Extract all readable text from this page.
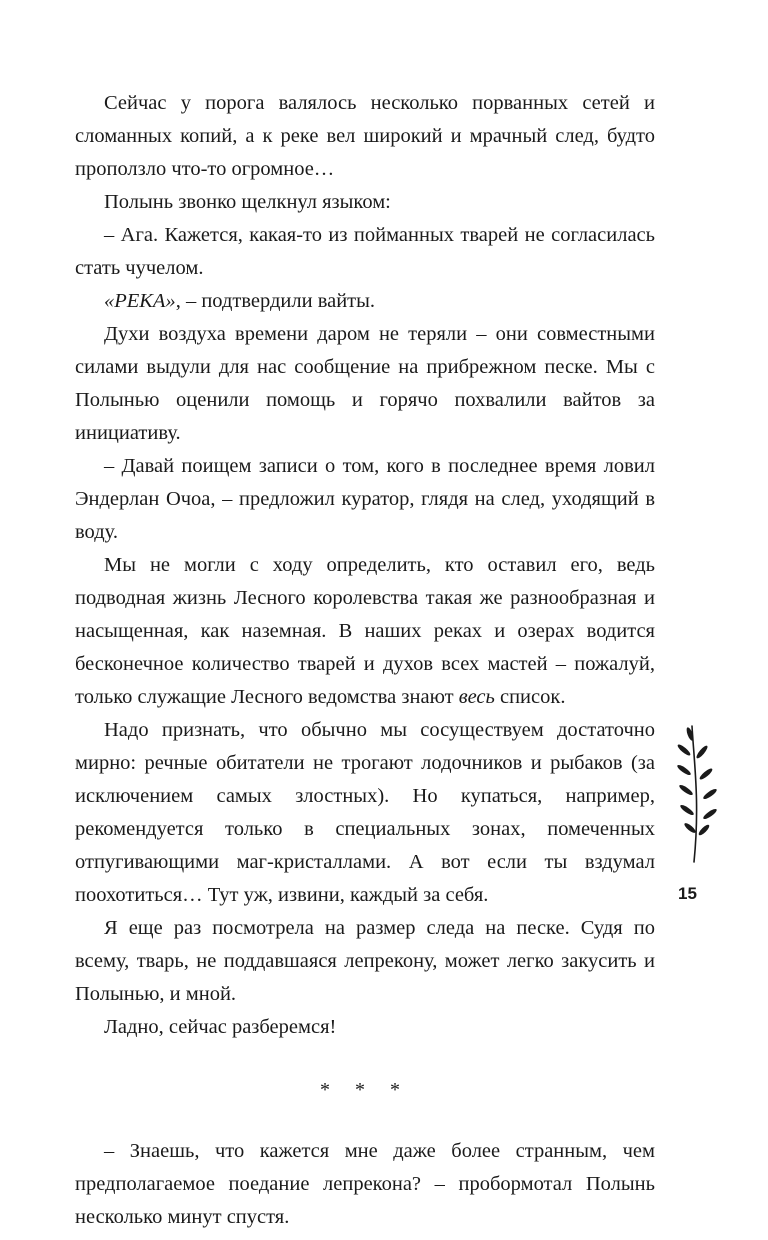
Сейчас у порога валялось несколько порванных сетей и сломанных копий, а к реке вел широкий и мрачный след, будто проползло что-то огромное…

Полынь звонко щелкнул языком:

– Ага. Кажется, какая-то из пойманных тварей не согласилась стать чучелом.

«РЕКА», – подтвердили вайты.

Духи воздуха времени даром не теряли – они совместными силами выдули для нас сообщение на прибрежном песке. Мы с Полынью оценили помощь и горячо похвалили вайтов за инициативу.

– Давай поищем записи о том, кого в последнее время ловил Эндерлан Очоа, – предложил куратор, глядя на след, уходящий в воду.

Мы не могли с ходу определить, кто оставил его, ведь подводная жизнь Лесного королевства такая же разнообразная и насыщенная, как наземная. В наших реках и озерах водится бесконечное количество тварей и духов всех мастей – пожалуй, только служащие Лесного ведомства знают весь список.

Надо признать, что обычно мы сосуществуем достаточно мирно: речные обитатели не трогают лодочников и рыбаков (за исключением самых злостных). Но купаться, например, рекомендуется только в специальных зонах, помеченных отпугивающими маг-кристаллами. А вот если ты вздумал поохотиться… Тут уж, извини, каждый за себя.

Я еще раз посмотрела на размер следа на песке. Судя по всему, тварь, не поддавшаяся лепрекону, может легко закусить и Полынью, и мной.

Ладно, сейчас разберемся!

* * *

– Знаешь, что кажется мне даже более странным, чем предполагаемое поедание лепрекона? – пробормотал Полынь несколько минут спустя.

15
